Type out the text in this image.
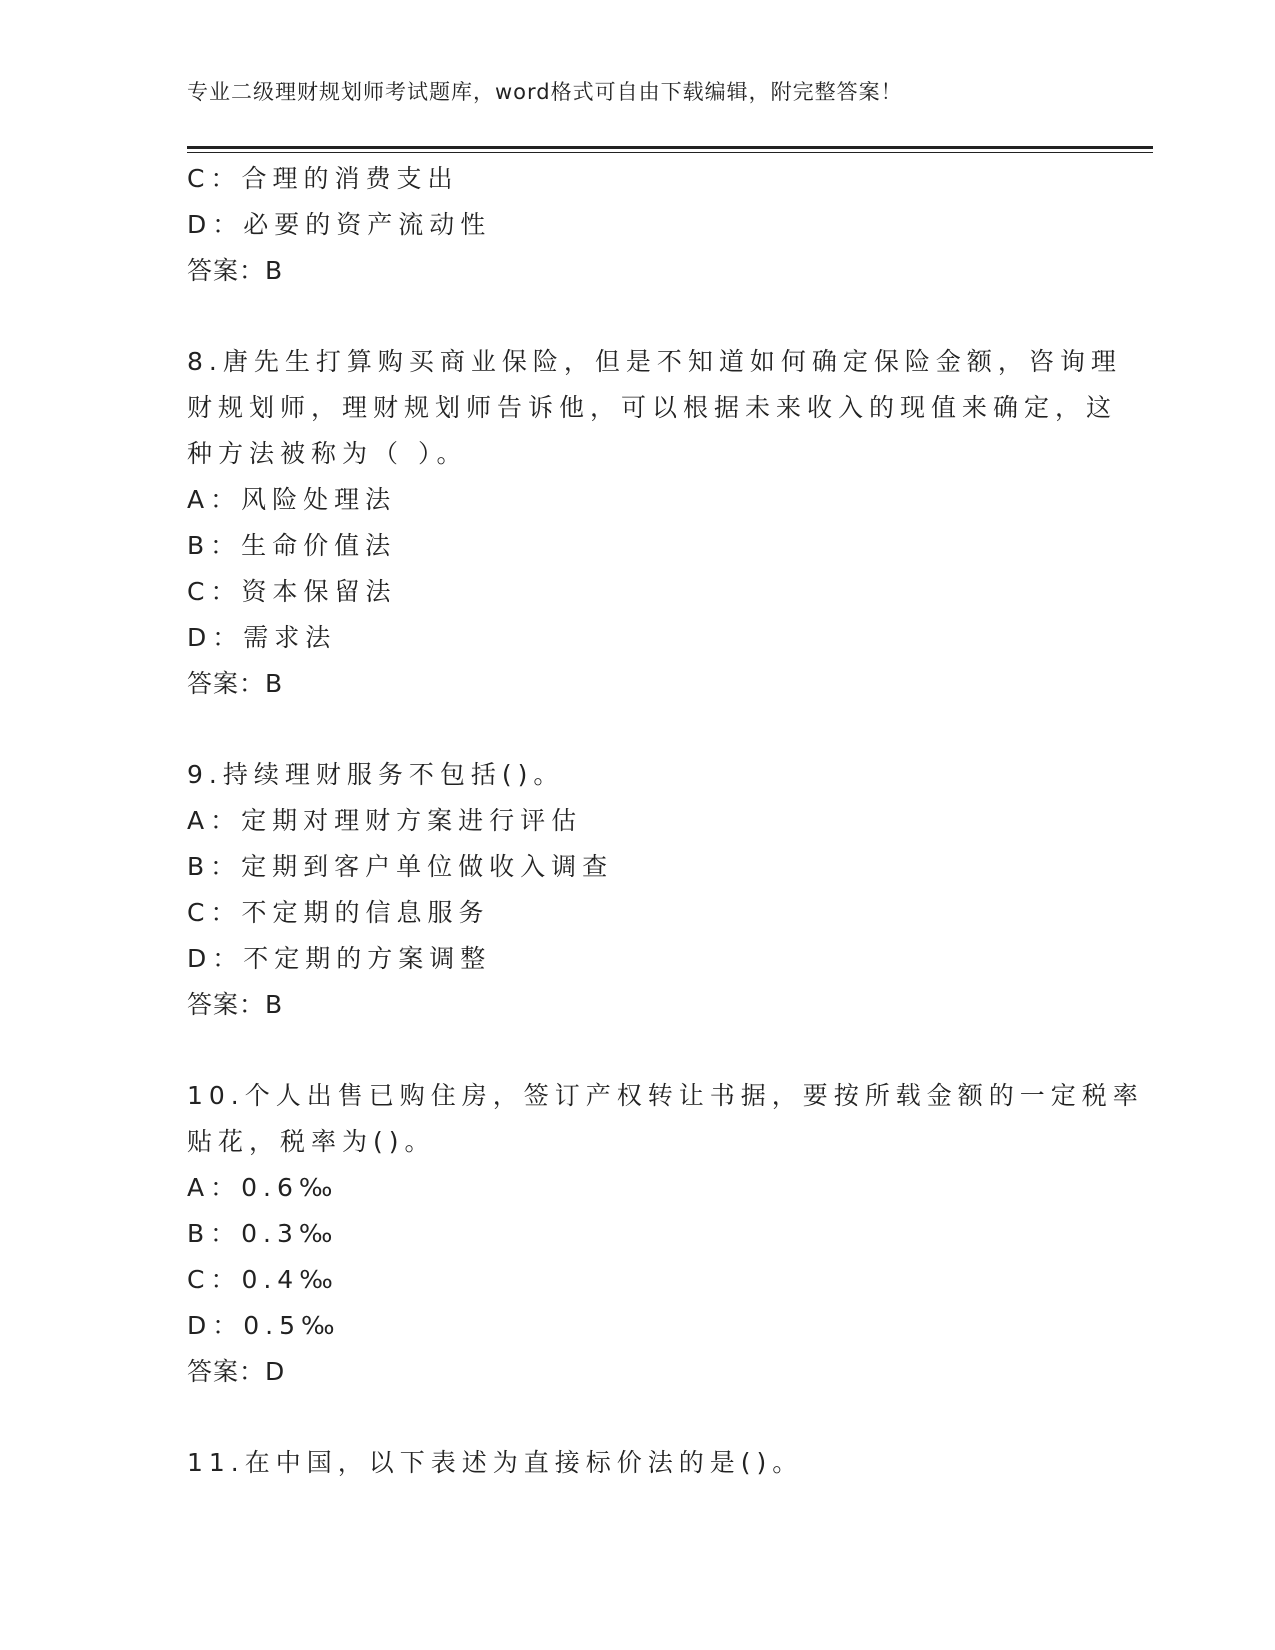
专业二级理财规划师考试题库，word格式可自由下载编辑，附完整答案！
C：合理的消费支出
D：必要的资产流动性
答案：B
8.唐先生打算购买商业保险，但是不知道如何确定保险金额，咨询理
财规划师，理财规划师告诉他，可以根据未来收入的现值来确定，这
种方法被称为（ ）。
A：风险处理法
B：生命价值法
C：资本保留法
D：需求法
答案：B
9.持续理财服务不包括()。
A：定期对理财方案进行评估
B：定期到客户单位做收入调查
C：不定期的信息服务
D：不定期的方案调整
答案：B
10.个人出售已购住房，签订产权转让书据，要按所载金额的一定税率
贴花，税率为()。
A：0.6‰
B：0.3‰
C：0.4‰
D：0.5‰
答案：D
11.在中国，以下表述为直接标价法的是()。
